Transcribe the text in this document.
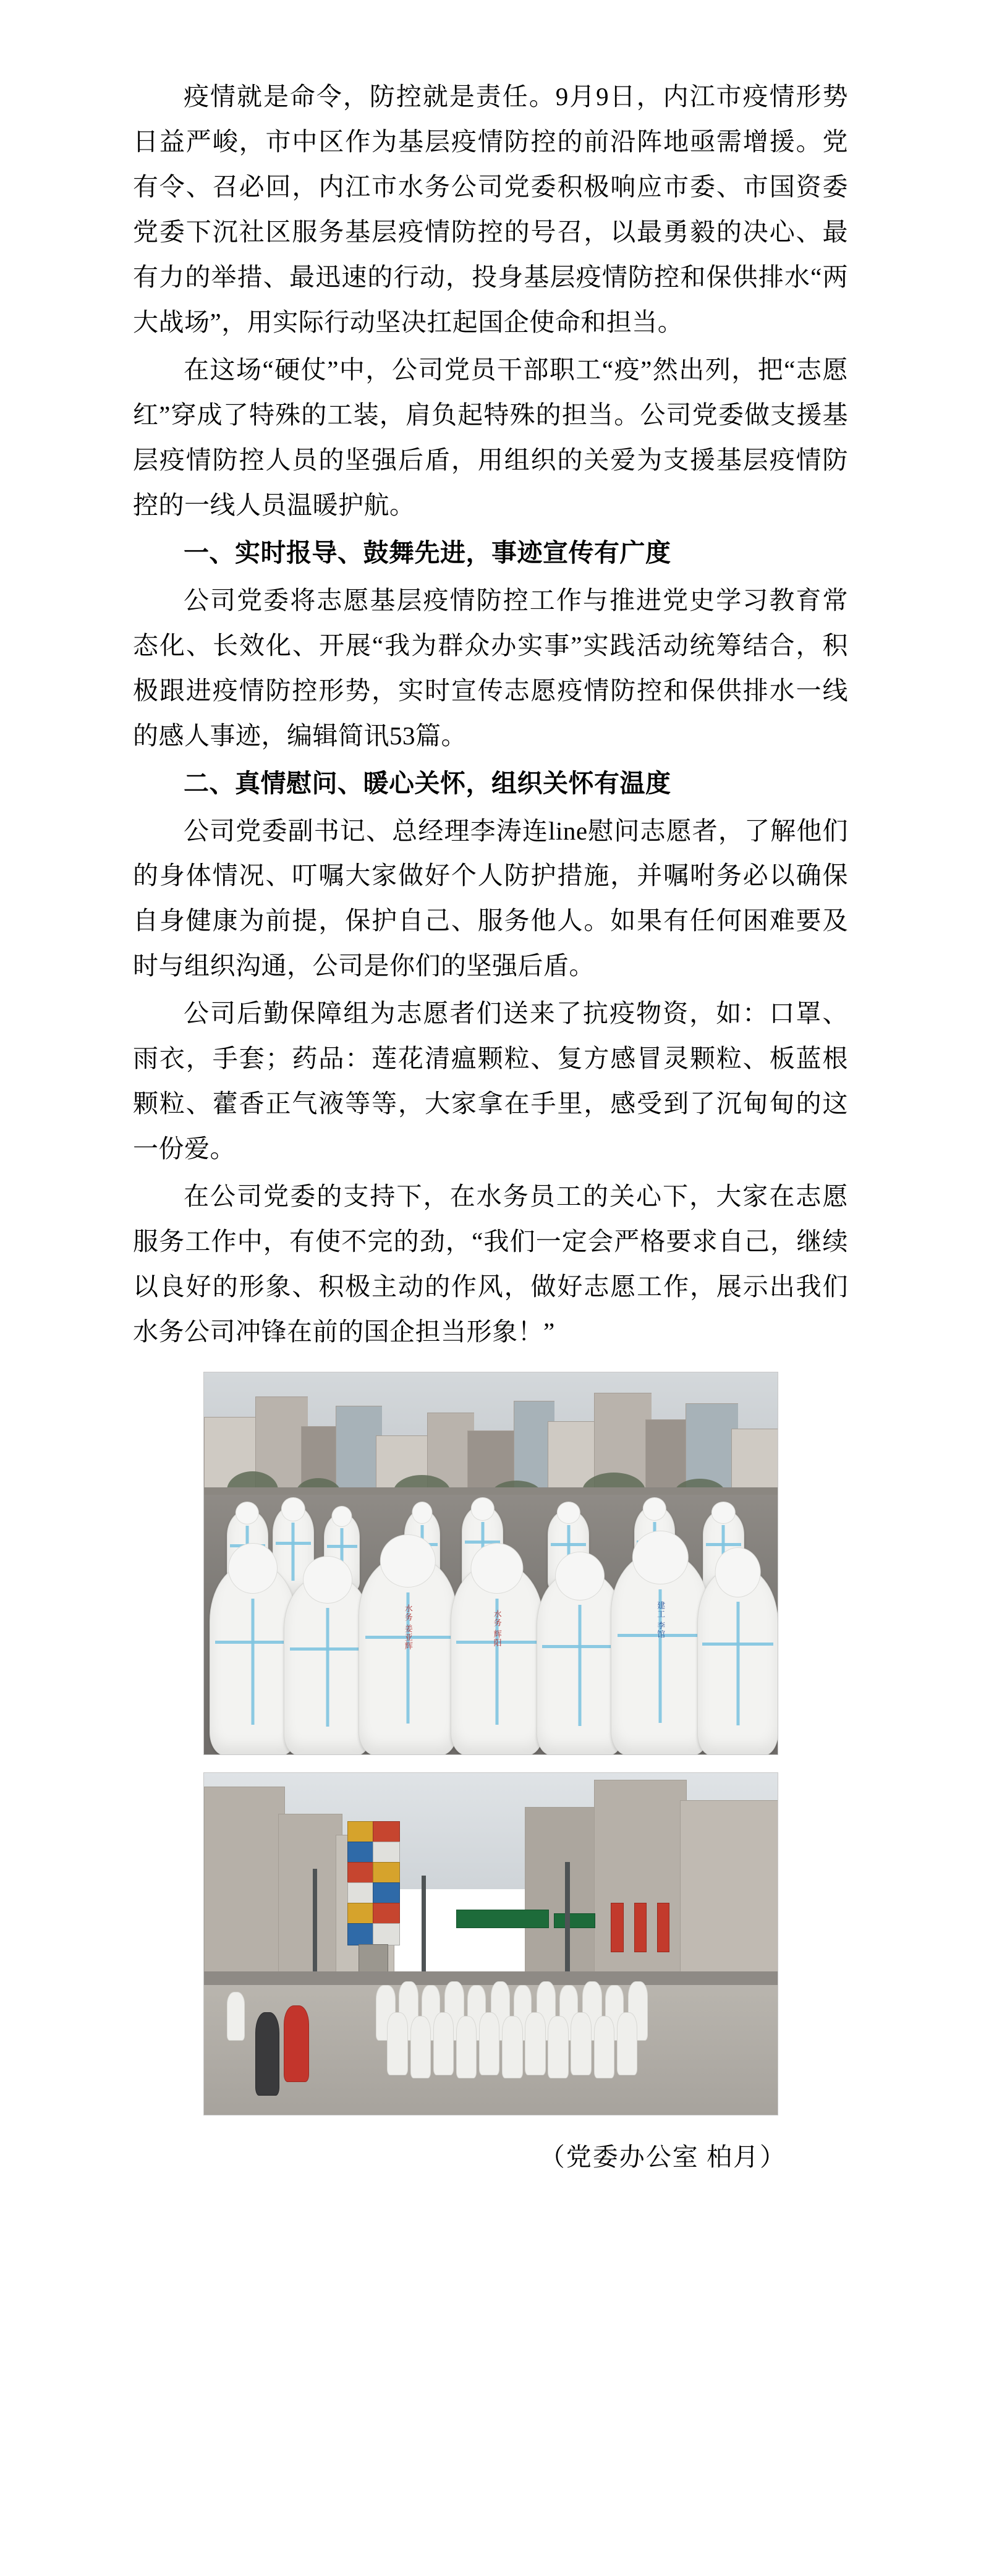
疫情就是命令，防控就是责任。9月9日，内江市疫情形势日益严峻，市中区作为基层疫情防控的前沿阵地亟需增援。党有令、召必回，内江市水务公司党委积极响应市委、市国资委党委下沉社区服务基层疫情防控的号召，以最勇毅的决心、最有力的举措、最迅速的行动，投身基层疫情防控和保供排水“两大战场”，用实际行动坚决扛起国企使命和担当。

在这场“硬仗”中，公司党员干部职工“疫”然出列，把“志愿红”穿成了特殊的工装，肩负起特殊的担当。公司党委做支援基层疫情防控人员的坚强后盾，用组织的关爱为支援基层疫情防控的一线人员温暖护航。

一、实时报导、鼓舞先进，事迹宣传有广度

公司党委将志愿基层疫情防控工作与推进党史学习教育常态化、长效化、开展“我为群众办实事”实践活动统筹结合，积极跟进疫情防控形势，实时宣传志愿疫情防控和保供排水一线的感人事迹，编辑简讯53篇。

二、真情慰问、暖心关怀，组织关怀有温度

公司党委副书记、总经理李涛连line慰问志愿者，了解他们的身体情况、叮嘱大家做好个人防护措施，并嘱咐务必以确保自身健康为前提，保护自己、服务他人。如果有任何困难要及时与组织沟通，公司是你们的坚强后盾。

公司后勤保障组为志愿者们送来了抗疫物资，如：口罩、雨衣，手套；药品：莲花清瘟颗粒、复方感冒灵颗粒、板蓝根颗粒、藿香正气液等等，大家拿在手里，感受到了沉甸甸的这一份爱。

在公司党委的支持下，在水务员工的关心下，大家在志愿服务工作中，有使不完的劲，“我们一定会严格要求自己，继续以良好的形象、积极主动的作风，做好志愿工作，展示出我们水务公司冲锋在前的国企担当形象！”

水务 姜亚辉	水务 辉阳	建工 李馆

（党委办公室 柏月）
